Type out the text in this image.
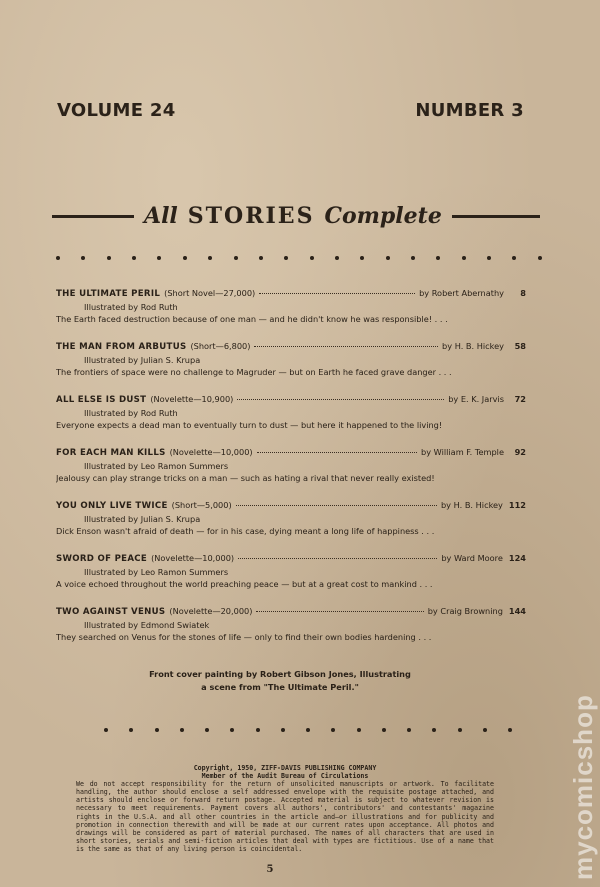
VOLUME 24	NUMBER 3
All STORIES Complete
THE ULTIMATE PERIL (Short Novel—27,000)	by Robert Abernathy	8
Illustrated by Rod Ruth
The Earth faced destruction because of one man — and he didn't know he was responsible! . . .
THE MAN FROM ARBUTUS (Short—6,800)	by H. B. Hickey	58
Illustrated by Julian S. Krupa
The frontiers of space were no challenge to Magruder — but on Earth he faced grave danger . . .
ALL ELSE IS DUST (Novelette—10,900)	by E. K. Jarvis	72
Illustrated by Rod Ruth
Everyone expects a dead man to eventually turn to dust — but here it happened to the living!
FOR EACH MAN KILLS (Novelette—10,000)	by William F. Temple	92
Illustrated by Leo Ramon Summers
Jealousy can play strange tricks on a man — such as hating a rival that never really existed!
YOU ONLY LIVE TWICE (Short—5,000)	by H. B. Hickey 112
Illustrated by Julian S. Krupa
Dick Enson wasn't afraid of death — for in his case, dying meant a long life of happiness . . .
SWORD OF PEACE (Novelette—10,000)	by Ward Moore 124
Illustrated by Leo Ramon Summers
A voice echoed throughout the world preaching peace — but at a great cost to mankind . . .
TWO AGAINST VENUS (Novelette—20,000)	by Craig Browning 144
Illustrated by Edmond Swiatek
They searched on Venus for the stones of life — only to find their own bodies hardening . . .
Front cover painting by Robert Gibson Jones, Illustrating
a scene from "The Ultimate Peril."
Copyright, 1950, ZIFF-DAVIS PUBLISHING COMPANY
Member of the Audit Bureau of Circulations
We do not accept responsibility for the return of unsolicited manuscripts or artwork. To facilitate handling, the author should enclose a self addressed envelope with the requisite postage attached, and artists should enclose or forward return postage. Accepted material is subject to whatever revision is necessary to meet requirements. Payment covers all authors', contributors' and contestants' magazine rights in the U.S.A. and all other countries in the article and—or illustrations and for publicity and promotion in connection therewith and will be made at our current rates upon acceptance. All photos and drawings will be considered as part of material purchased. The names of all characters that are used in short stories, serials and semi-fiction articles that deal with types are fictitious. Use of a name that is the same as that of any living person is coincidental.
5	mycomicshop
